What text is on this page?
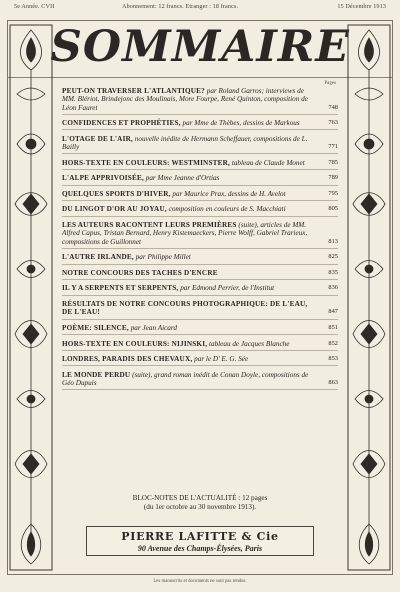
5e Année. CVII	Abonnement: 12 francs. Etranger : 18 francs.	15 Décembre 1913
SOMMAIRE
Pages
PEUT-ON TRAVERSER L'ATLANTIQUE? par Roland Garros; interviews de MM. Blériot, Brindejonc des Moulinais, More Fourpe, René Quinton, composition de Léon Fauret	748
CONFIDENCES ET PROPHÉTIES, par Mme de Thèbes, dessins de Markous	763
L'OTAGE DE L'AIR, nouvelle inédite de Hermann Scheffauer, compositions de L. Bailly	771
HORS-TEXTE EN COULEURS: WESTMINSTER, tableau de Claude Monet	785
L'ALPE APPRIVOISÉE, par Mme Jeanne d'Ortias	789
QUELQUES SPORTS D'HIVER, par Maurice Prax, dessins de H. Avelot	795
DU LINGOT D'OR AU JOYAU, composition en couleurs de S. Macchiati	805
LES AUTEURS RACONTENT LEURS PREMIÈRES (suite), articles de MM. Alfred Capus, Tristan Bernard, Henry Kistemaeckers, Pierre Wolff, Gabriel Trarieux, compositions de Guillonnet	813
L'AUTRE IRLANDE, par Philippe Millet	825
NOTRE CONCOURS DES TACHES D'ENCRE	835
IL Y A SERPENTS ET SERPENTS, par Edmond Perrier, de l'Institut	836
RÉSULTATS DE NOTRE CONCOURS PHOTOGRAPHIQUE: DE L'EAU, DE L'EAU!	847
POÈME: SILENCE, par Jean Aicard	851
HORS-TEXTE EN COULEURS: NIJINSKI, tableau de Jacques Blanche	852
LONDRES, PARADIS DES CHEVAUX, par le D' E. G. Sée	853
LE MONDE PERDU (suite), grand roman inédit de Conan Doyle, compositions de Géo Dupuis	863
BLOC-NOTES DE L'ACTUALITÉ : 12 pages
(du 1er octobre au 30 novembre 1913).
PIERRE LAFITTE & Cie
90 Avenue des Champs-Élysées, Paris
Les manuscrits et documents ne sont pas rendus.
